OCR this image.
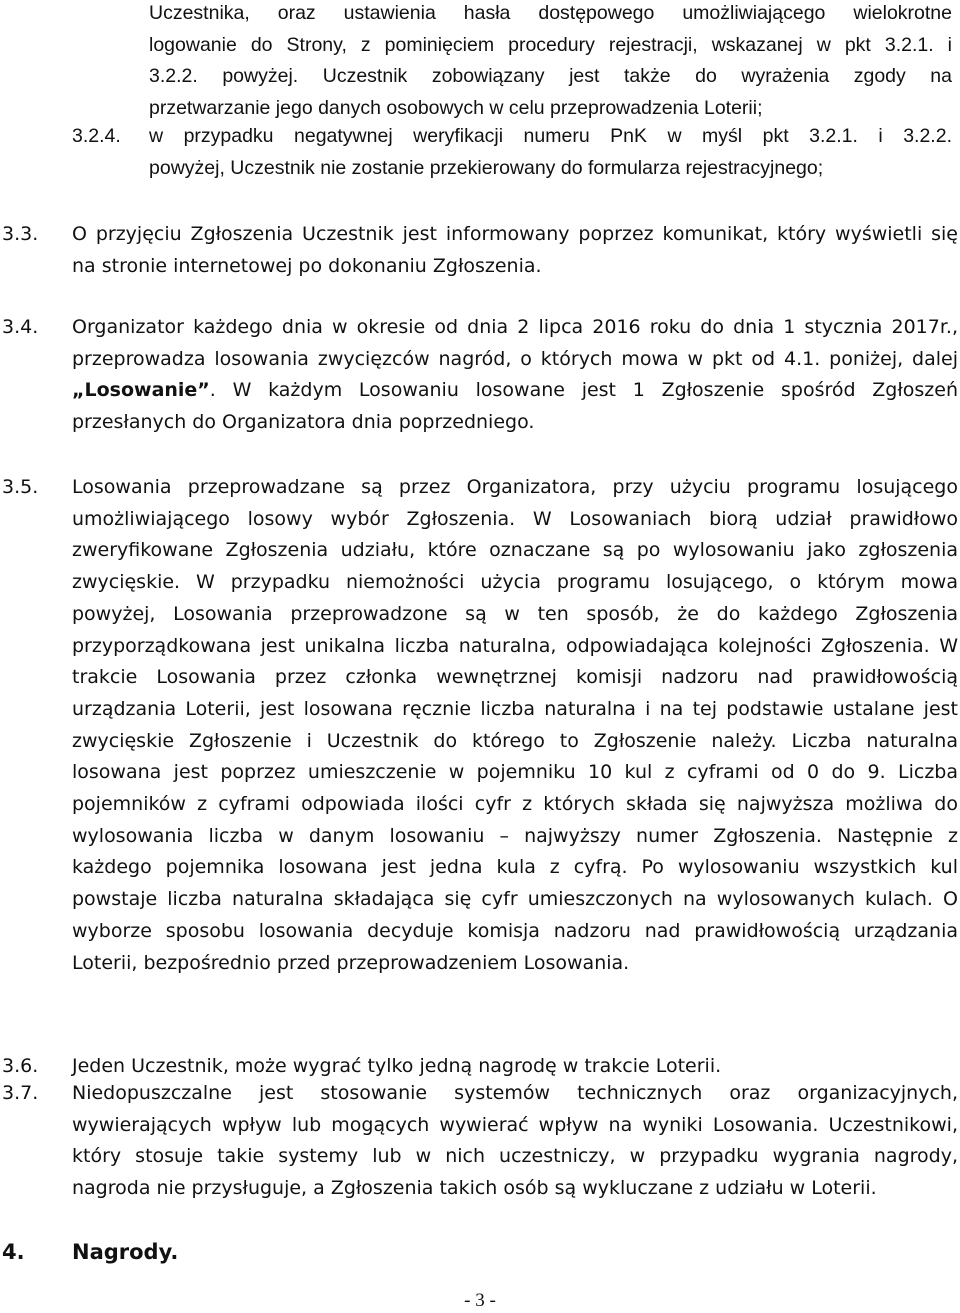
Uczestnika, oraz ustawienia hasła dostępowego umożliwiającego wielokrotne

logowanie do Strony, z pominięciem procedury rejestracji, wskazanej w pkt 3.2.1. i

3.2.2. powyżej. Uczestnik zobowiązany jest także do wyrażenia zgody na

przetwarzanie jego danych osobowych w celu przeprowadzenia Loterii;

3.2.4. w przypadku negatywnej weryfikacji numeru PnK w myśl pkt 3.2.1. i 3.2.2.

powyżej, Uczestnik nie zostanie przekierowany do formularza rejestracyjnego;

3.3. O przyjęciu Zgłoszenia Uczestnik jest informowany poprzez komunikat, który wyświetli się

na stronie internetowej po dokonaniu Zgłoszenia.

3.4. Organizator każdego dnia w okresie od dnia 2 lipca 2016 roku do dnia 1 stycznia 2017r.,

przeprowadza losowania zwycięzców nagród, o których mowa w pkt od 4.1. poniżej, dalej

„Losowanie”. W każdym Losowaniu losowane jest 1 Zgłoszenie spośród Zgłoszeń

przesłanych do Organizatora dnia poprzedniego.

3.5. Losowania przeprowadzane są przez Organizatora, przy użyciu programu losującego

umożliwiającego losowy wybór Zgłoszenia. W Losowaniach biorą udział prawidłowo

zweryfikowane Zgłoszenia udziału, które oznaczane są po wylosowaniu jako zgłoszenia

zwycięskie. W przypadku niemożności użycia programu losującego, o którym mowa

powyżej, Losowania przeprowadzone są w ten sposób, że do każdego Zgłoszenia

przyporządkowana jest unikalna liczba naturalna, odpowiadająca kolejności Zgłoszenia. W

trakcie Losowania przez członka wewnętrznej komisji nadzoru nad prawidłowością

urządzania Loterii, jest losowana ręcznie liczba naturalna i na tej podstawie ustalane jest

zwycięskie Zgłoszenie i Uczestnik do którego to Zgłoszenie należy. Liczba naturalna

losowana jest poprzez umieszczenie w pojemniku 10 kul z cyframi od 0 do 9. Liczba

pojemników z cyframi odpowiada ilości cyfr z których składa się najwyższa możliwa do

wylosowania liczba w danym losowaniu – najwyższy numer Zgłoszenia. Następnie z

każdego pojemnika losowana jest jedna kula z cyfrą. Po wylosowaniu wszystkich kul

powstaje liczba naturalna składająca się cyfr umieszczonych na wylosowanych kulach. O

wyborze sposobu losowania decyduje komisja nadzoru nad prawidłowością urządzania

Loterii, bezpośrednio przed przeprowadzeniem Losowania.

3.6. Jeden Uczestnik, może wygrać tylko jedną nagrodę w trakcie Loterii.

3.7. Niedopuszczalne jest stosowanie systemów technicznych oraz organizacyjnych,

wywierających wpływ lub mogących wywierać wpływ na wyniki Losowania. Uczestnikowi,

który stosuje takie systemy lub w nich uczestniczy, w przypadku wygrania nagrody,

nagroda nie przysługuje, a Zgłoszenia takich osób są wykluczane z udziału w Loterii.

4. Nagrody.
- 3 -
